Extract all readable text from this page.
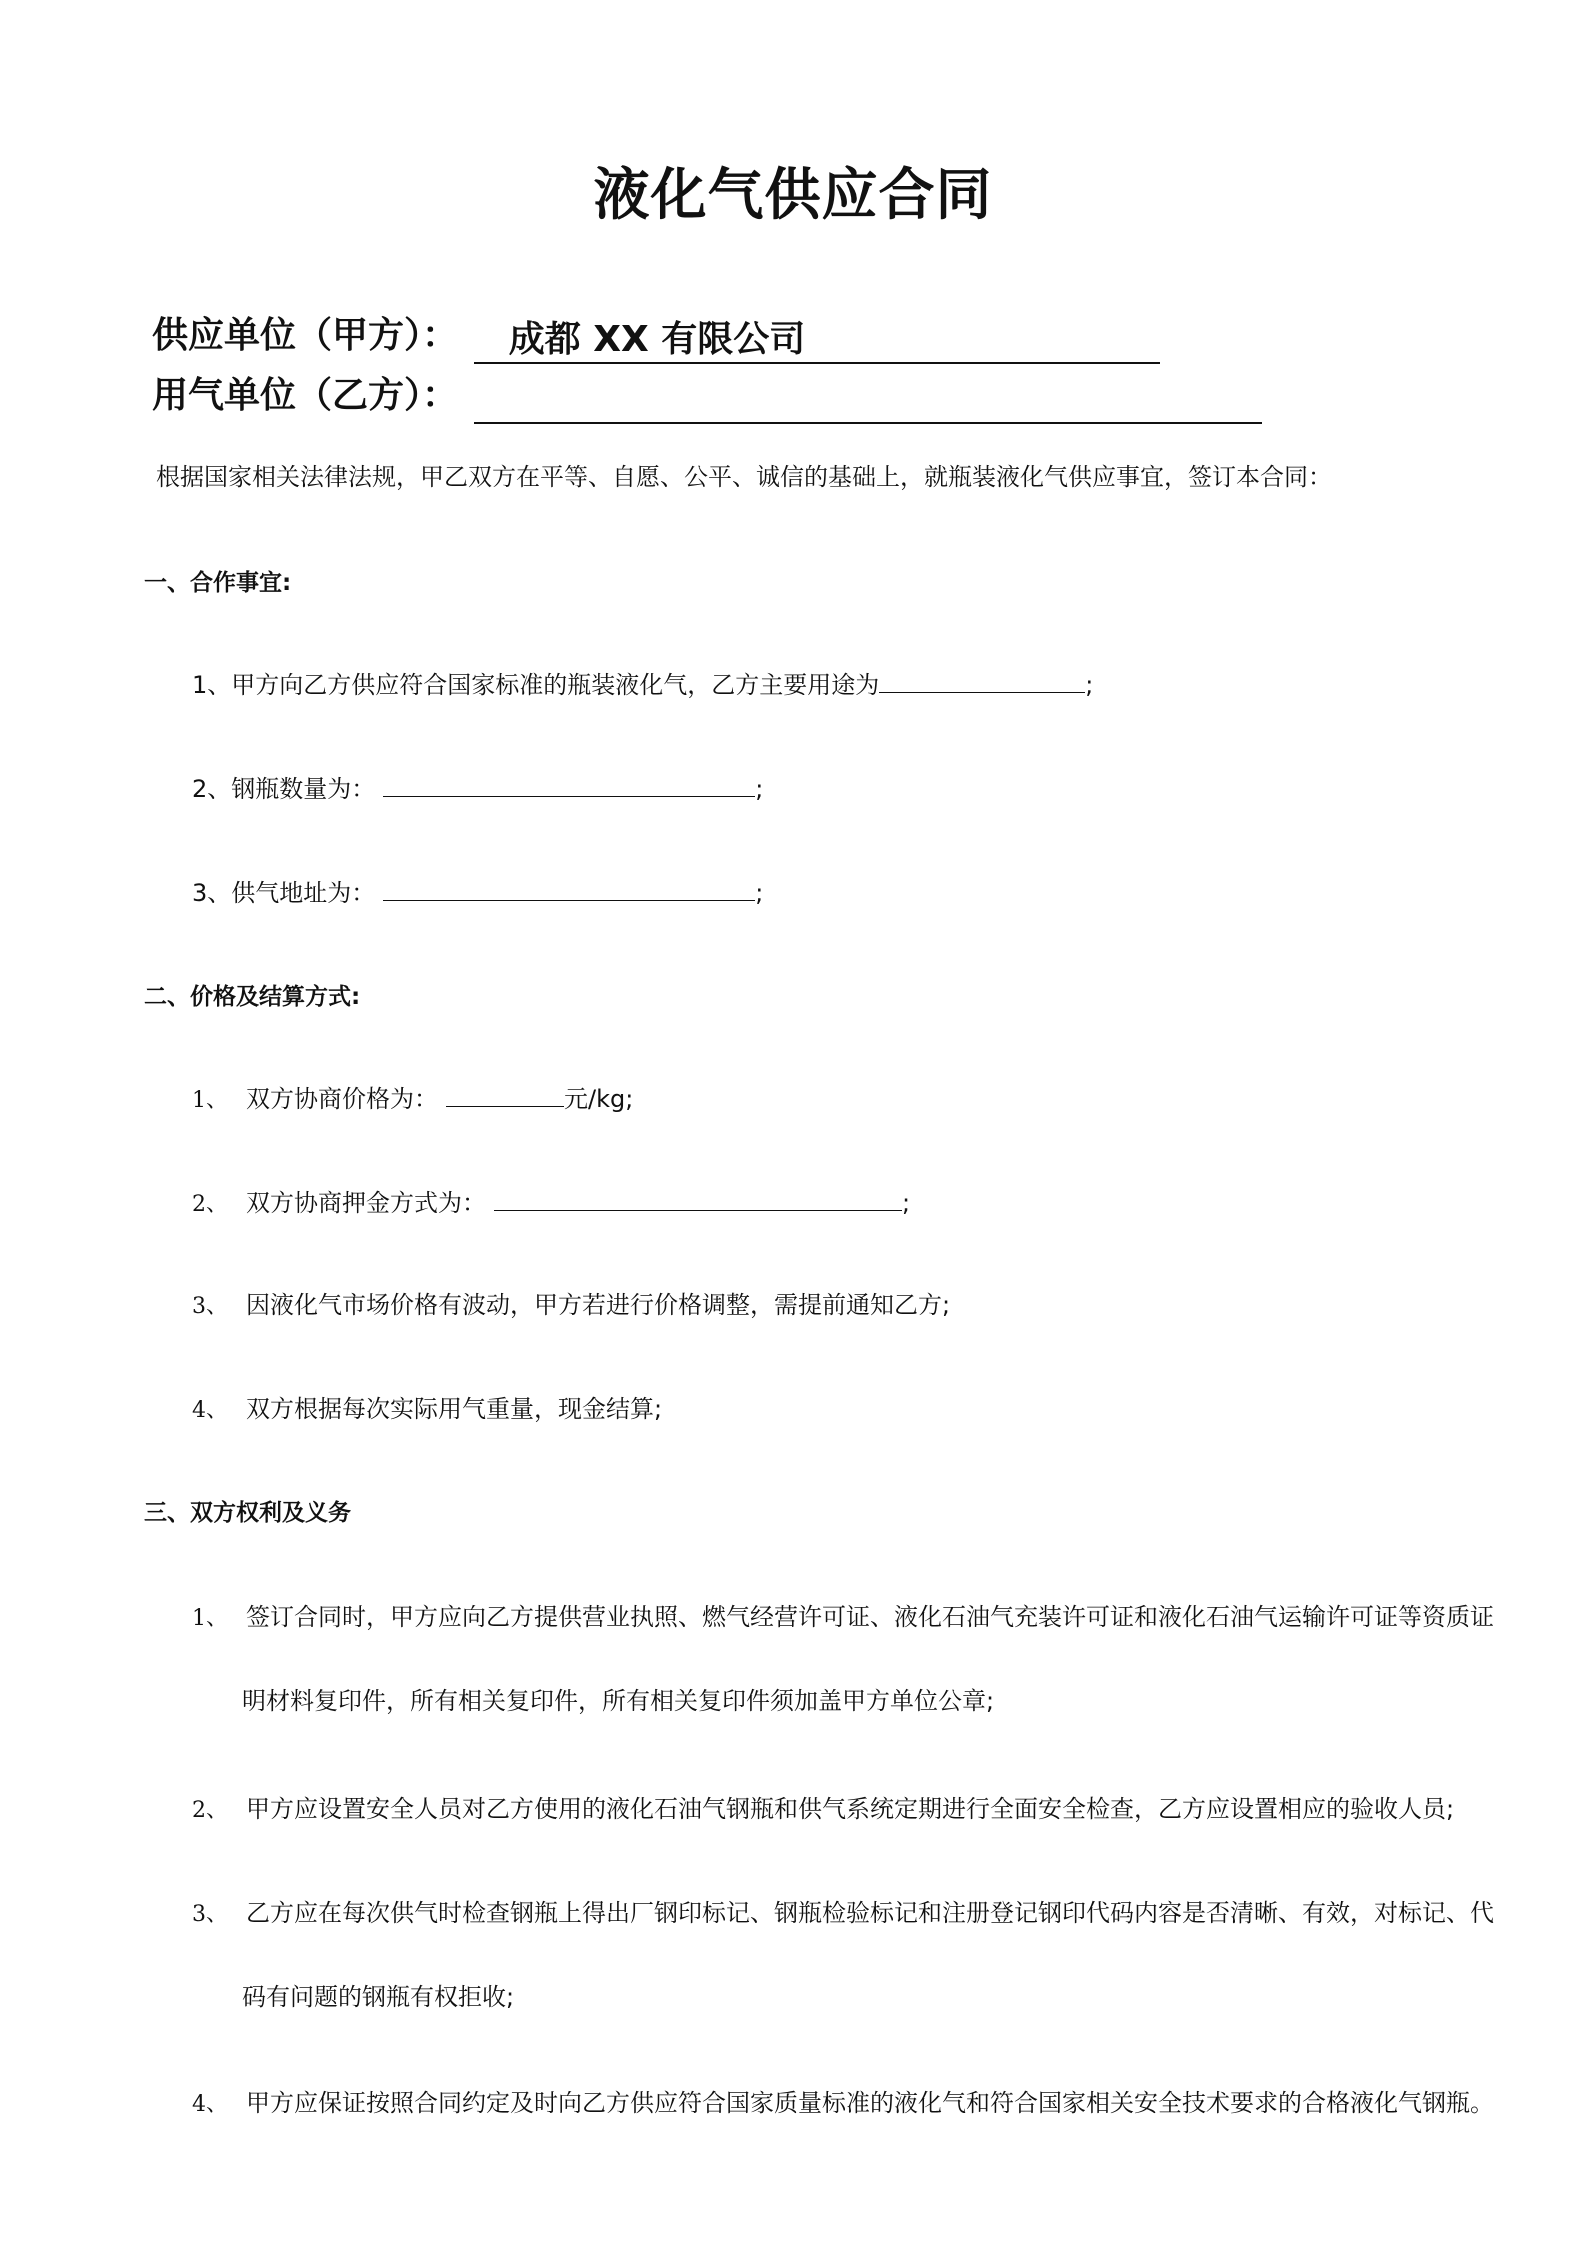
液化气供应合同
供应单位（甲方）：	成都 XX 有限公司
用气单位（乙方）：
根据国家相关法律法规，甲乙双方在平等、自愿、公平、诚信的基础上，就瓶装液化气供应事宜，签订本合同：
一、合作事宜:
1、甲方向乙方供应符合国家标准的瓶装液化气，乙方主要用途为	;
2、钢瓶数量为：	;
3、供气地址为：	;
二、价格及结算方式:
1、 双方协商价格为：	元/kg;
2、 双方协商押金方式为：	;
3、 因液化气市场价格有波动，甲方若进行价格调整，需提前通知乙方;
4、 双方根据每次实际用气重量，现金结算;
三、双方权利及义务
1、 签订合同时，甲方应向乙方提供营业执照、燃气经营许可证、液化石油气充装许可证和液化石油气运输许可证等资质证
明材料复印件，所有相关复印件，所有相关复印件须加盖甲方单位公章;
2、 甲方应设置安全人员对乙方使用的液化石油气钢瓶和供气系统定期进行全面安全检查，乙方应设置相应的验收人员;
3、 乙方应在每次供气时检查钢瓶上得出厂钢印标记、钢瓶检验标记和注册登记钢印代码内容是否清晰、有效，对标记、代
码有问题的钢瓶有权拒收;
4、 甲方应保证按照合同约定及时向乙方供应符合国家质量标准的液化气和符合国家相关安全技术要求的合格液化气钢瓶。
